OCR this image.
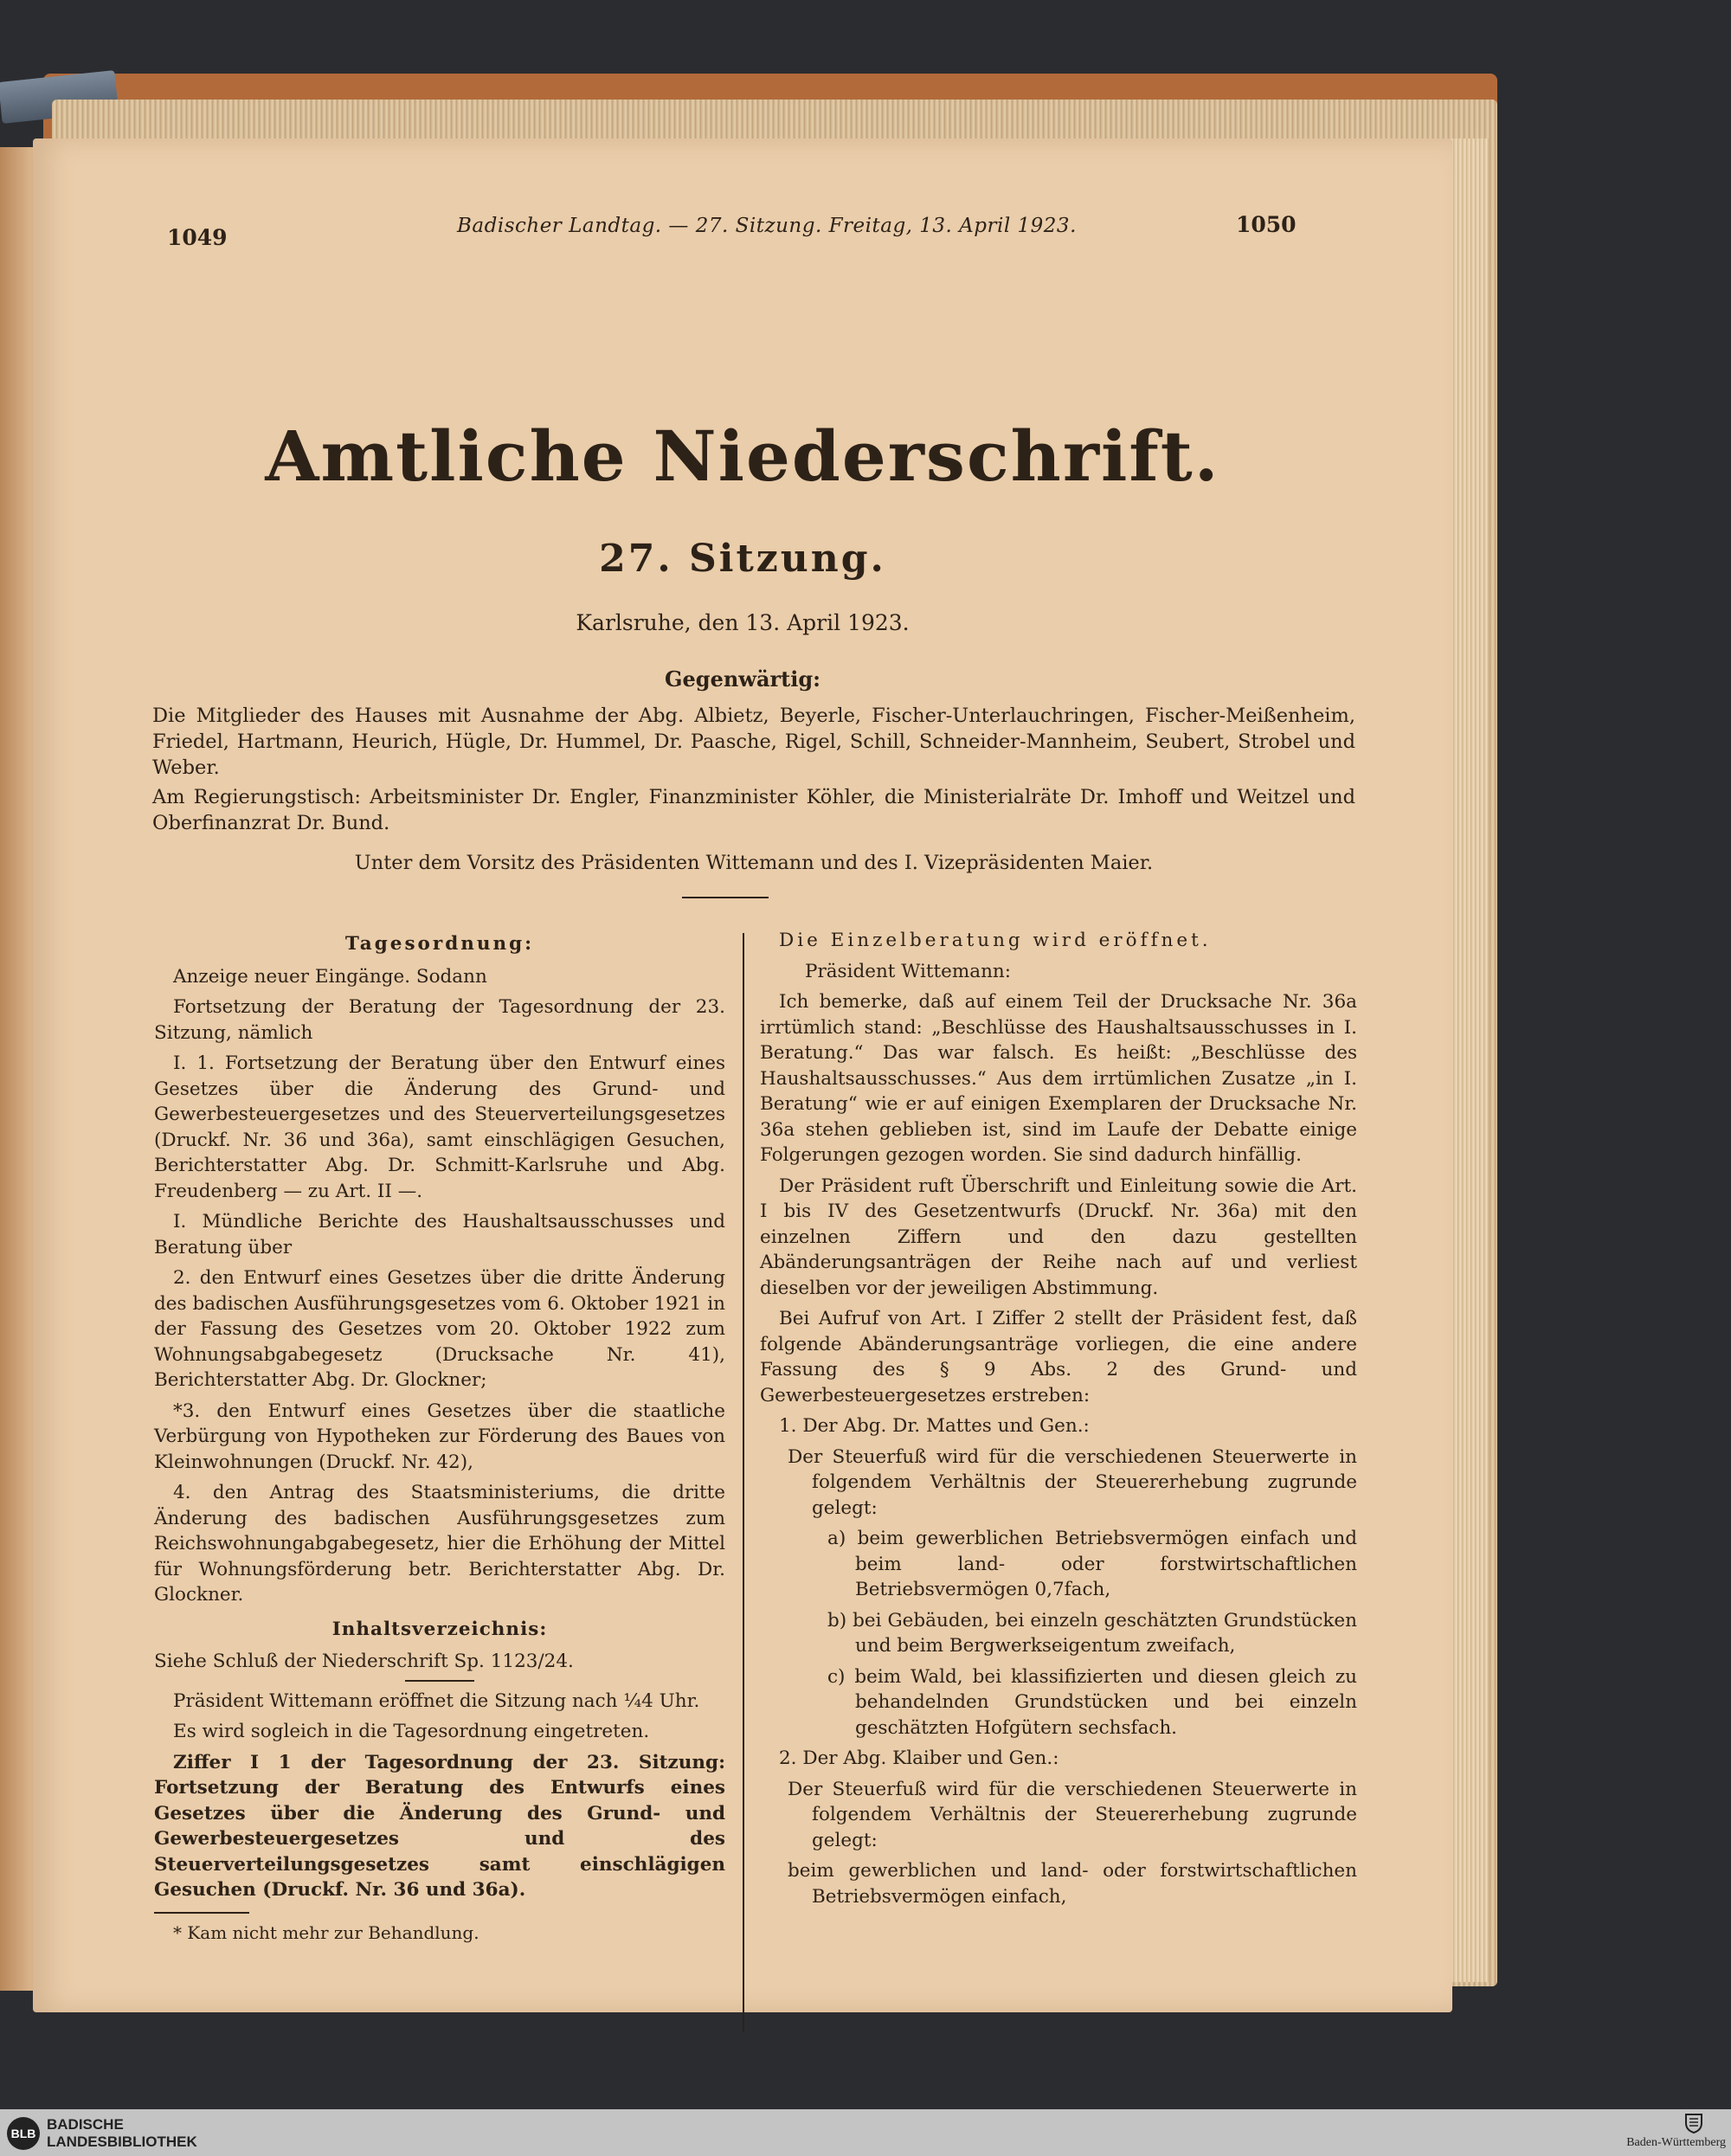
1049	Badischer Landtag. — 27. Sitzung. Freitag, 13. April 1923.	1050
Amtliche Niederschrift.
27. Sitzung.
Karlsruhe, den 13. April 1923.
Gegenwärtig:
Die Mitglieder des Hauses mit Ausnahme der Abg. Albietz, Beyerle, Fischer-Unterlauchringen, Fischer-Meißenheim, Friedel, Hartmann, Heurich, Hügle, Dr. Hummel, Dr. Paasche, Rigel, Schill, Schneider-Mannheim, Seubert, Strobel und Weber.
Am Regierungstisch: Arbeitsminister Dr. Engler, Finanzminister Köhler, die Ministerialräte Dr. Imhoff und Weitzel und Oberfinanzrat Dr. Bund.
Unter dem Vorsitz des Präsidenten Wittemann und des I. Vizepräsidenten Maier.

Tagesordnung:

Anzeige neuer Eingänge. Sodann

Fortsetzung der Beratung der Tagesordnung der 23. Sitzung, nämlich

I. 1. Fortsetzung der Beratung über den Entwurf eines Gesetzes über die Änderung des Grund- und Gewerbesteuergesetzes und des Steuerverteilungsgesetzes (Druckf. Nr. 36 und 36a), samt einschlägigen Gesuchen, Berichterstatter Abg. Dr. Schmitt-Karlsruhe und Abg. Freudenberg — zu Art. II —.

I. Mündliche Berichte des Haushaltsausschusses und Beratung über

2. den Entwurf eines Gesetzes über die dritte Änderung des badischen Ausführungsgesetzes vom 6. Oktober 1921 in der Fassung des Gesetzes vom 20. Oktober 1922 zum Wohnungsabgabegesetz (Drucksache Nr. 41), Berichterstatter Abg. Dr. Glockner;

*3. den Entwurf eines Gesetzes über die staatliche Verbürgung von Hypotheken zur Förderung des Baues von Kleinwohnungen (Druckf. Nr. 42),

4. den Antrag des Staatsministeriums, die dritte Änderung des badischen Ausführungsgesetzes zum Reichswohnungabgabegesetz, hier die Erhöhung der Mittel für Wohnungsförderung betr. Berichterstatter Abg. Dr. Glockner.

Inhaltsverzeichnis:

Siehe Schluß der Niederschrift Sp. 1123/24.

Präsident Wittemann eröffnet die Sitzung nach ¼4 Uhr.

Es wird sogleich in die Tagesordnung eingetreten.

Ziffer I 1 der Tagesordnung der 23. Sitzung: Fortsetzung der Beratung des Entwurfs eines Gesetzes über die Änderung des Grund- und Gewerbesteuergesetzes und des Steuerverteilungsgesetzes samt einschlägigen Gesuchen (Druckf. Nr. 36 und 36a).

* Kam nicht mehr zur Behandlung.

Die Einzelberatung wird eröffnet.

Präsident Wittemann:

Ich bemerke, daß auf einem Teil der Drucksache Nr. 36a irrtümlich stand: „Beschlüsse des Haushaltsausschusses in I. Beratung.“ Das war falsch. Es heißt: „Beschlüsse des Haushaltsausschusses.“ Aus dem irrtümlichen Zusatze „in I. Beratung“ wie er auf einigen Exemplaren der Drucksache Nr. 36a stehen geblieben ist, sind im Laufe der Debatte einige Folgerungen gezogen worden. Sie sind dadurch hinfällig.

Der Präsident ruft Überschrift und Einleitung sowie die Art. I bis IV des Gesetzentwurfs (Druckf. Nr. 36a) mit den einzelnen Ziffern und den dazu gestellten Abänderungsanträgen der Reihe nach auf und verliest dieselben vor der jeweiligen Abstimmung.

Bei Aufruf von Art. I Ziffer 2 stellt der Präsident fest, daß folgende Abänderungsanträge vorliegen, die eine andere Fassung des § 9 Abs. 2 des Grund- und Gewerbesteuergesetzes erstreben:

1. Der Abg. Dr. Mattes und Gen.:

Der Steuerfuß wird für die verschiedenen Steuerwerte in folgendem Verhältnis der Steuererhebung zugrunde gelegt:

a) beim gewerblichen Betriebsvermögen einfach und beim land- oder forstwirtschaftlichen Betriebsvermögen 0,7fach,

b) bei Gebäuden, bei einzeln geschätzten Grundstücken und beim Bergwerkseigentum zweifach,

c) beim Wald, bei klassifizierten und diesen gleich zu behandelnden Grundstücken und bei einzeln geschätzten Hofgütern sechsfach.

2. Der Abg. Klaiber und Gen.:

Der Steuerfuß wird für die verschiedenen Steuerwerte in folgendem Verhältnis der Steuererhebung zugrunde gelegt:

beim gewerblichen und land- oder forstwirtschaftlichen Betriebsvermögen einfach,

BLB
BADISCHE
LANDESBIBLIOTHEK	Baden-Württemberg
